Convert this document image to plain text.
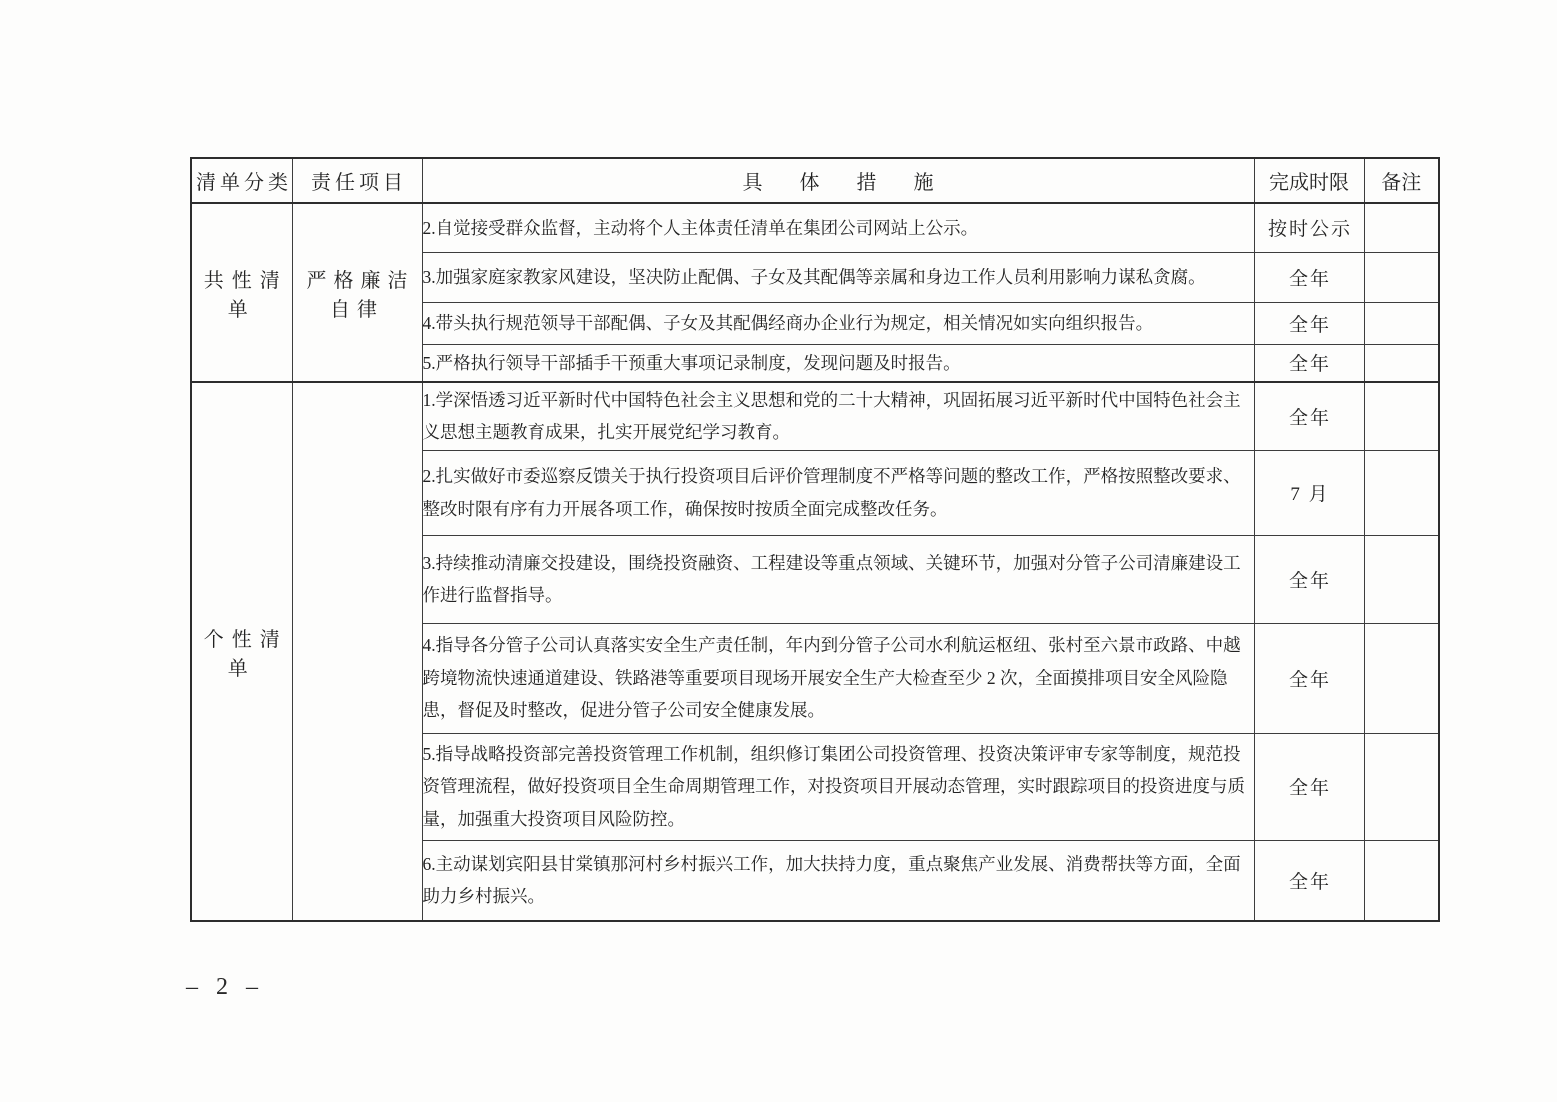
清单分类	责任项目	具 体 措 施	完成时限	备注
共性清单	严格廉洁自律	2.自觉接受群众监督，主动将个人主体责任清单在集团公司网站上公示。	按时公示	
		3.加强家庭家教家风建设，坚决防止配偶、子女及其配偶等亲属和身边工作人员利用影响力谋私贪腐。	全年	
		4.带头执行规范领导干部配偶、子女及其配偶经商办企业行为规定，相关情况如实向组织报告。	全年	
		5.严格执行领导干部插手干预重大事项记录制度，发现问题及时报告。	全年	
个性清单		1.学深悟透习近平新时代中国特色社会主义思想和党的二十大精神，巩固拓展习近平新时代中国特色社会主义思想主题教育成果，扎实开展党纪学习教育。	全年	
		2.扎实做好市委巡察反馈关于执行投资项目后评价管理制度不严格等问题的整改工作，严格按照整改要求、整改时限有序有力开展各项工作，确保按时按质全面完成整改任务。	7 月	
		3.持续推动清廉交投建设，围绕投资融资、工程建设等重点领域、关键环节，加强对分管子公司清廉建设工作进行监督指导。	全年	
		4.指导各分管子公司认真落实安全生产责任制，年内到分管子公司水利航运枢纽、张村至六景市政路、中越跨境物流快速通道建设、铁路港等重要项目现场开展安全生产大检查至少 2 次，全面摸排项目安全风险隐患，督促及时整改，促进分管子公司安全健康发展。	全年	
		5.指导战略投资部完善投资管理工作机制，组织修订集团公司投资管理、投资决策评审专家等制度，规范投资管理流程，做好投资项目全生命周期管理工作，对投资项目开展动态管理，实时跟踪项目的投资进度与质量，加强重大投资项目风险防控。	全年	
		6.主动谋划宾阳县甘棠镇那河村乡村振兴工作，加大扶持力度，重点聚焦产业发展、消费帮扶等方面，全面助力乡村振兴。	全年	
– 2 –
